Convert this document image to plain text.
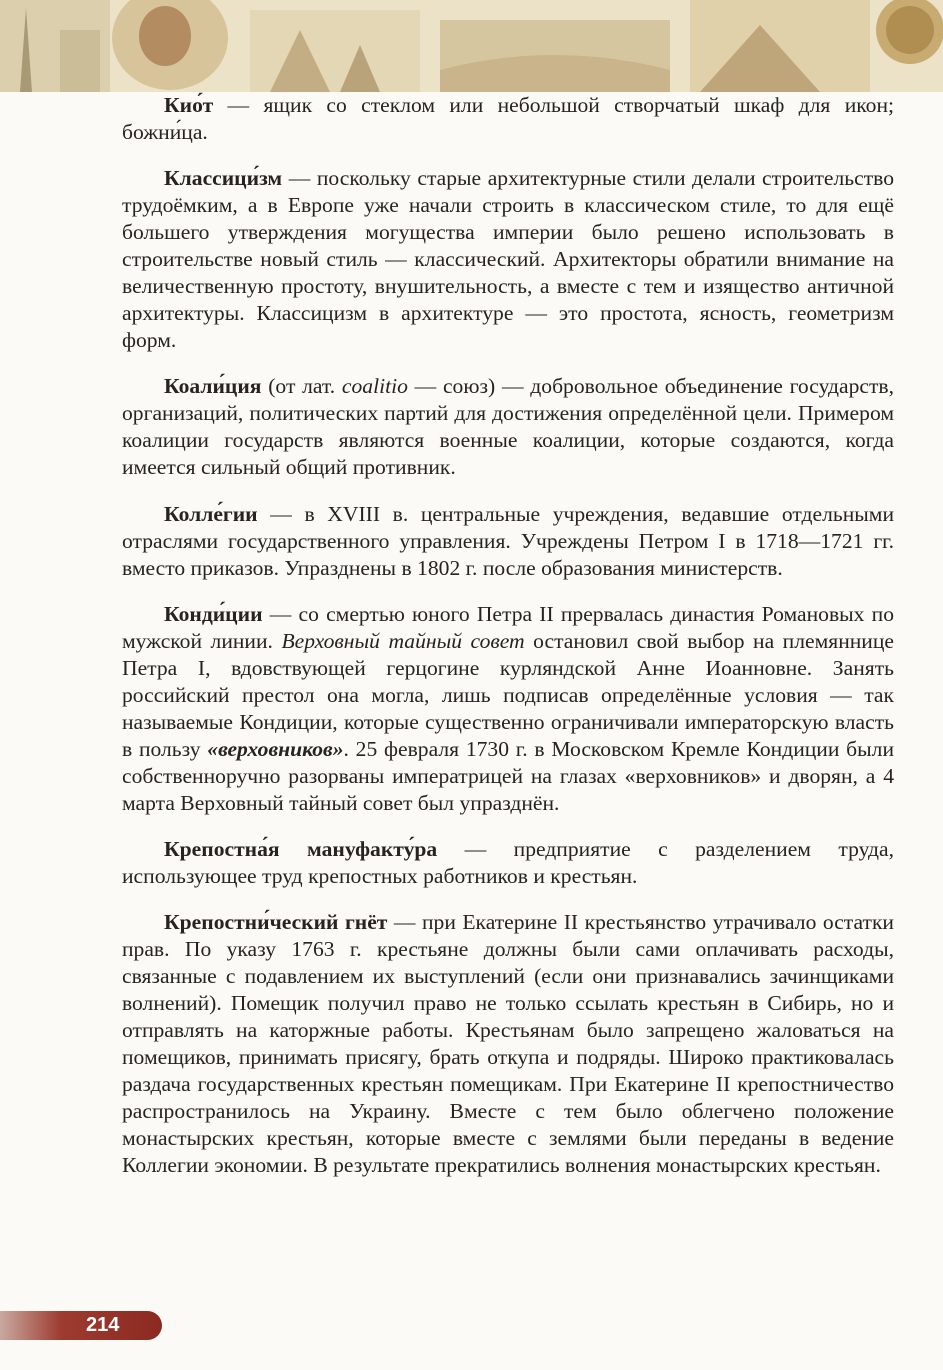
Кио́т — ящик со стеклом или небольшой створчатый шкаф для икон; божни́ца.

Классици́зм — поскольку старые архитектурные стили делали строительство трудоёмким, а в Европе уже начали строить в классическом стиле, то для ещё большего утверждения могущества империи было решено использовать в строительстве новый стиль — классический. Архитекторы обратили внимание на величественную простоту, внушительность, а вместе с тем и изящество античной архитектуры. Классицизм в архитектуре — это простота, ясность, геометризм форм.

Коали́ция (от лат. coalitio — союз) — добровольное объединение государств, организаций, политических партий для достижения определённой цели. Примером коалиции государств являются военные коалиции, которые создаются, когда имеется сильный общий противник.

Колле́гии — в XVIII в. центральные учреждения, ведавшие отдельными отраслями государственного управления. Учреждены Петром I в 1718—1721 гг. вместо приказов. Упразднены в 1802 г. после образования министерств.

Конди́ции — со смертью юного Петра II прервалась династия Романовых по мужской линии. Верховный тайный совет остановил свой выбор на племяннице Петра I, вдовствующей герцогине курляндской Анне Иоанновне. Занять российский престол она могла, лишь подписав определённые условия — так называемые Кондиции, которые существенно ограничивали императорскую власть в пользу «верховников». 25 февраля 1730 г. в Московском Кремле Кондиции были собственноручно разорваны императрицей на глазах «верховников» и дворян, а 4 марта Верховный тайный совет был упразднён.

Крепостна́я мануфакту́ра — предприятие с разделением труда, использующее труд крепостных работников и крестьян.

Крепостни́ческий гнёт — при Екатерине II крестьянство утрачивало остатки прав. По указу 1763 г. крестьяне должны были сами оплачивать расходы, связанные с подавлением их выступлений (если они признавались зачинщиками волнений). Помещик получил право не только ссылать крестьян в Сибирь, но и отправлять на каторжные работы. Крестьянам было запрещено жаловаться на помещиков, принимать присягу, брать откупа и подряды. Широко практиковалась раздача государственных крестьян помещикам. При Екатерине II крепостничество распространилось на Украину. Вместе с тем было облегчено положение монастырских крестьян, которые вместе с землями были переданы в ведение Коллегии экономии. В результате прекратились волнения монастырских крестьян.

214
